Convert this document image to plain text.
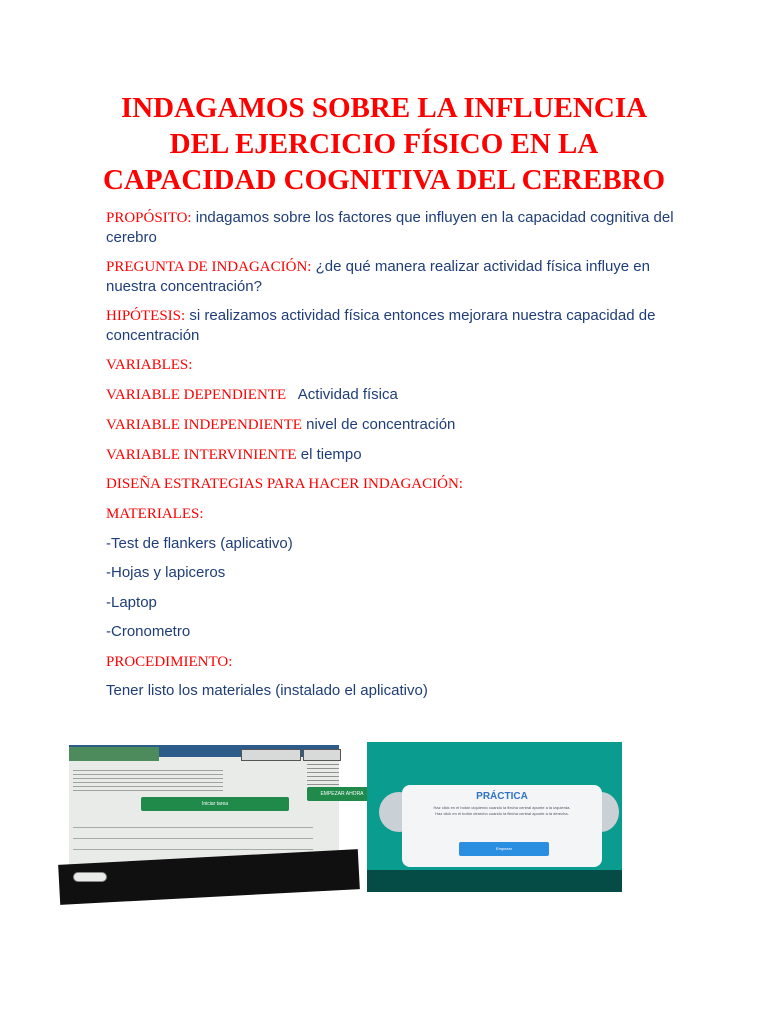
INDAGAMOS SOBRE LA INFLUENCIA
DEL EJERCICIO FÍSICO EN LA
CAPACIDAD COGNITIVA DEL CEREBRO
PROPÓSITO: indagamos sobre los factores que influyen en la capacidad cognitiva del cerebro
PREGUNTA DE INDAGACIÓN: ¿de qué manera realizar actividad física influye en nuestra concentración?
HIPÓTESIS: si realizamos actividad física entonces mejorara nuestra capacidad de concentración
VARIABLES:
VARIABLE DEPENDIENTE   Actividad física
VARIABLE INDEPENDIENTE nivel de concentración
VARIABLE INTERVINIENTE el tiempo
DISEÑA ESTRATEGIAS PARA HACER INDAGACIÓN:
MATERIALES:
-Test de flankers (aplicativo)
-Hojas y lapiceros
-Laptop
-Cronometro
PROCEDIMIENTO:
Tener listo los materiales (instalado el aplicativo)
Iniciar tarea
EMPEZAR AHORA	PRÁCTICA
Haz click en el botón izquierdo cuando la flecha central apunte a la izquierda. Haz click en el botón derecho cuando la flecha central apunte a la derecha.
Empezar
